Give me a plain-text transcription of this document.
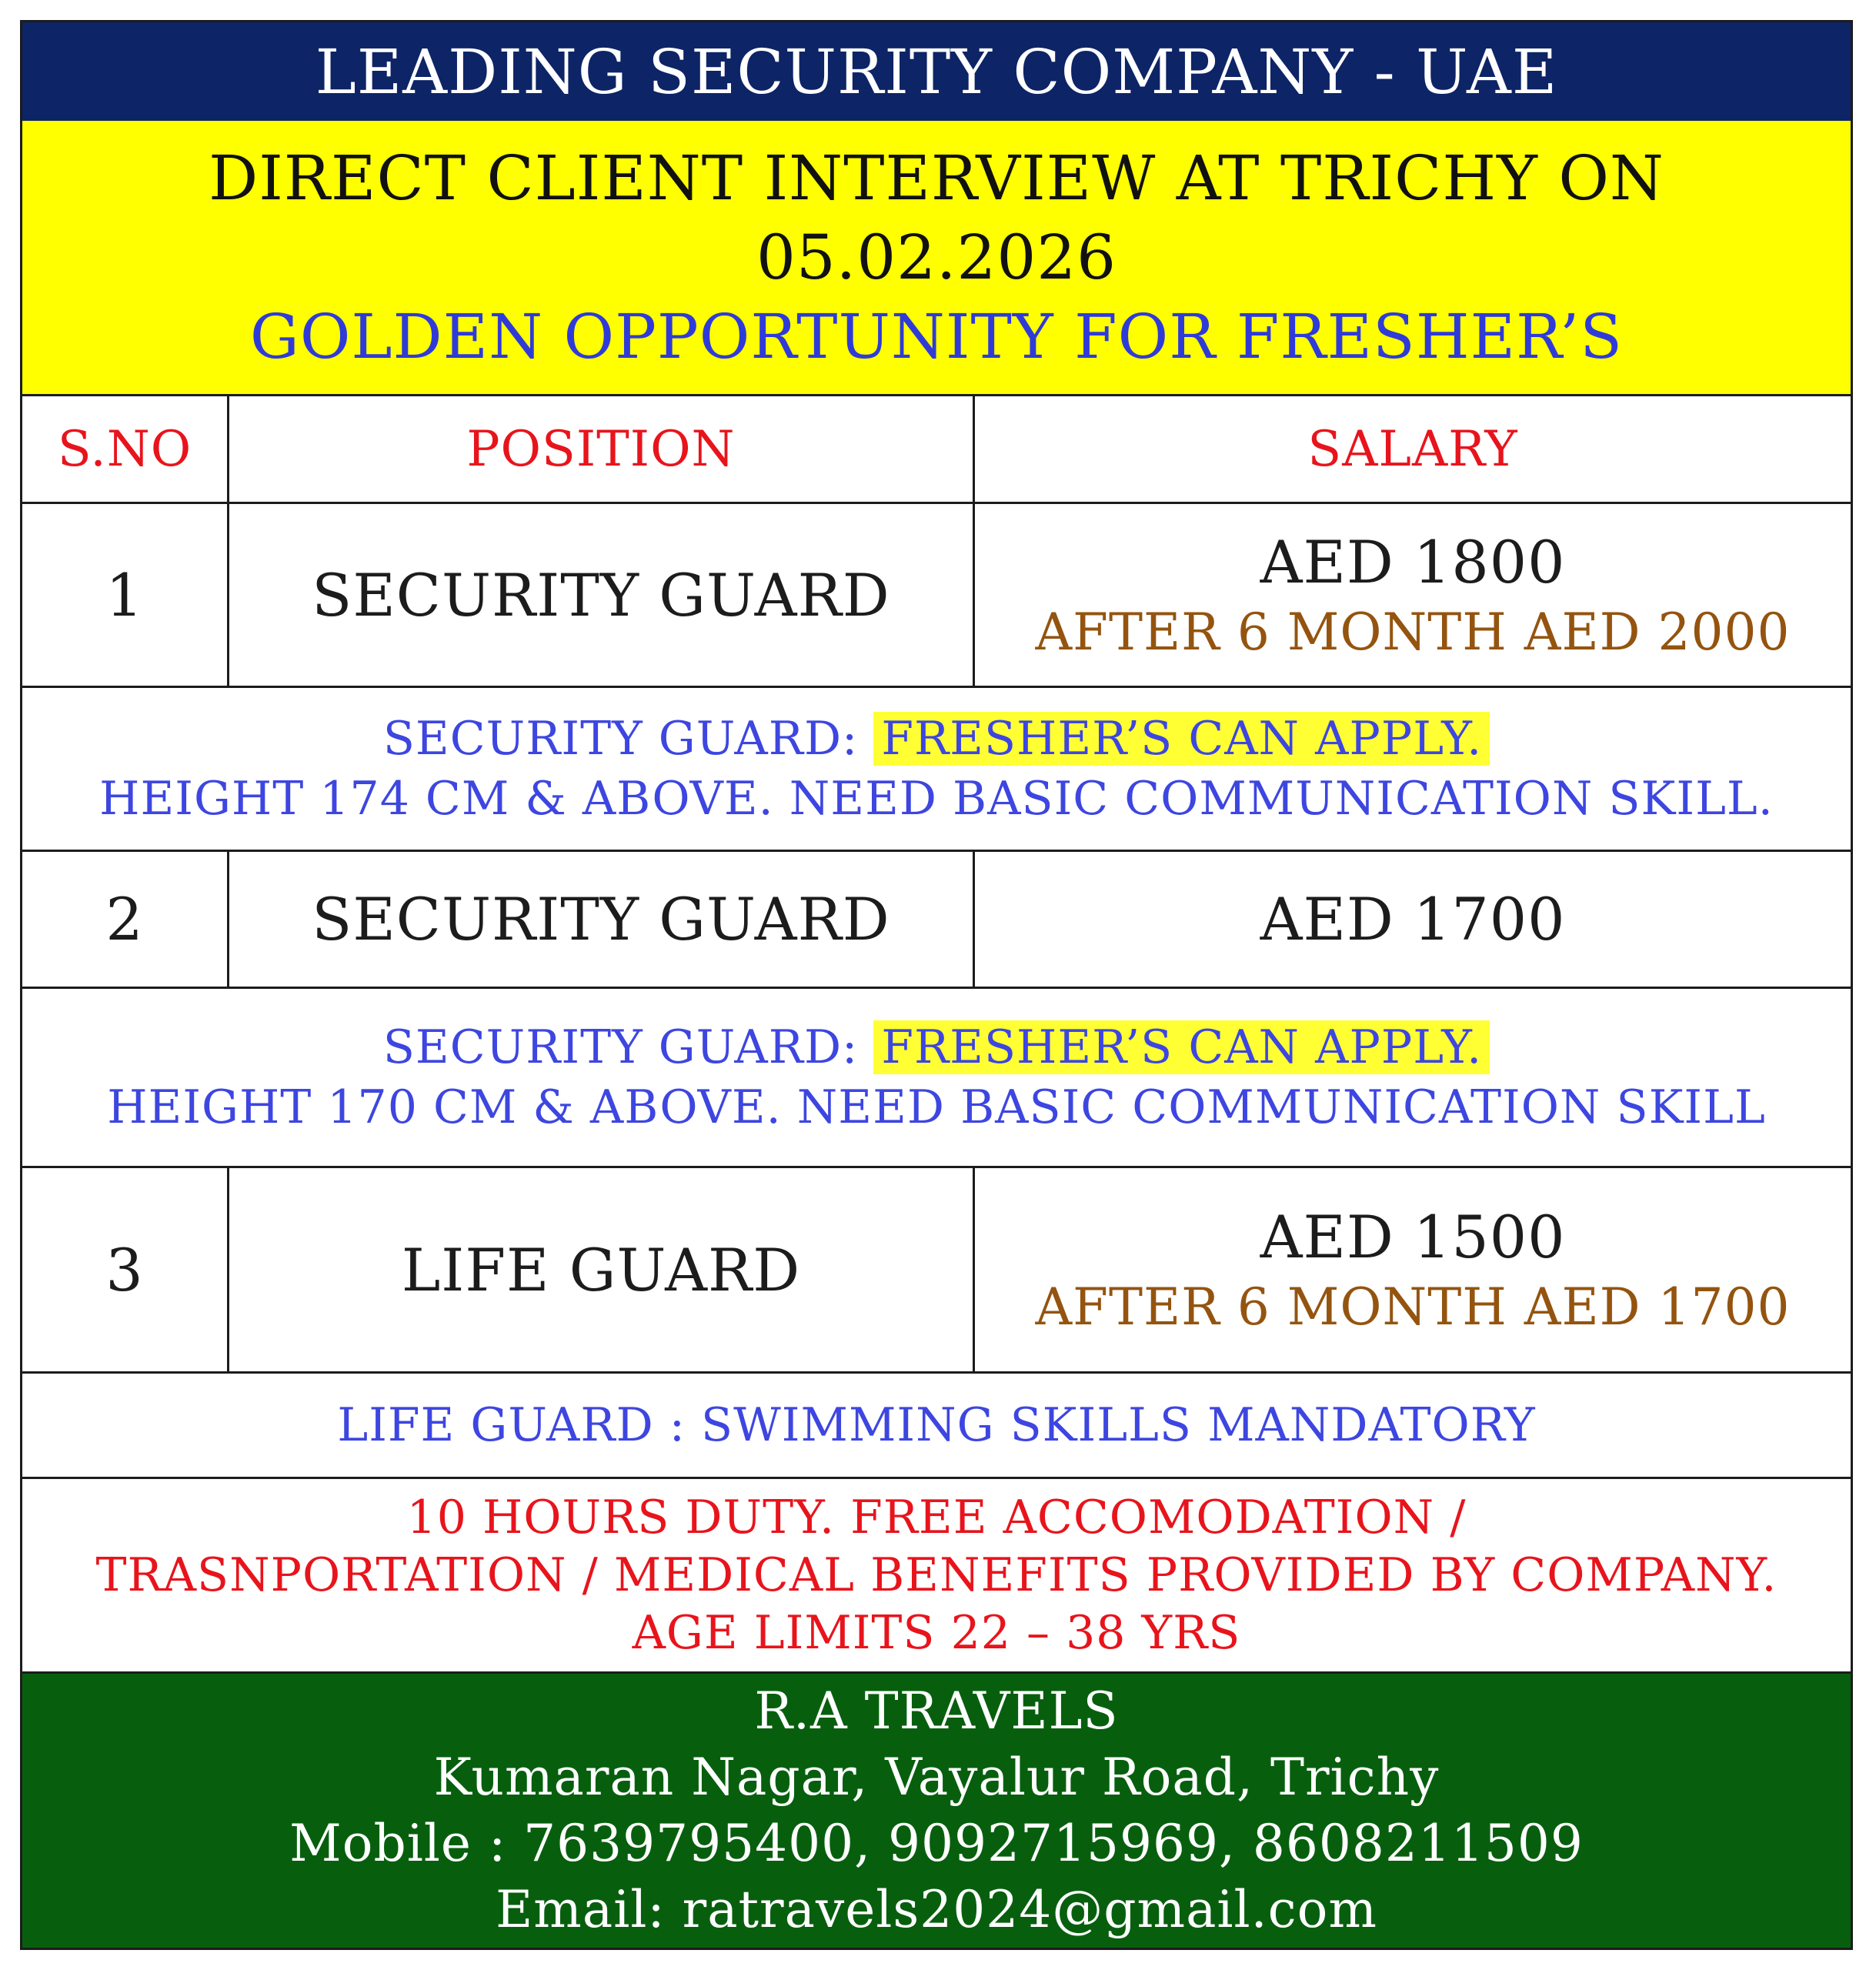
LEADING SECURITY COMPANY - UAE
DIRECT CLIENT INTERVIEW AT TRICHY ON
05.02.2026
GOLDEN OPPORTUNITY FOR FRESHER’S
S.NO	POSITION	SALARY
1	SECURITY GUARD	AED 1800
AFTER 6 MONTH AED 2000
SECURITY GUARD: FRESHER’S CAN APPLY.
HEIGHT 174 CM & ABOVE. NEED BASIC COMMUNICATION SKILL.
2	SECURITY GUARD	AED 1700
SECURITY GUARD: FRESHER’S CAN APPLY.
HEIGHT 170 CM & ABOVE. NEED BASIC COMMUNICATION SKILL
3	LIFE GUARD	AED 1500
AFTER 6 MONTH AED 1700
LIFE GUARD : SWIMMING SKILLS MANDATORY
10 HOURS DUTY. FREE ACCOMODATION /
TRASNPORTATION / MEDICAL BENEFITS PROVIDED BY COMPANY.
AGE LIMITS 22 – 38 YRS
R.A TRAVELS
Kumaran Nagar, Vayalur Road, Trichy
Mobile : 7639795400, 9092715969, 8608211509
Email: ratravels2024@gmail.com
